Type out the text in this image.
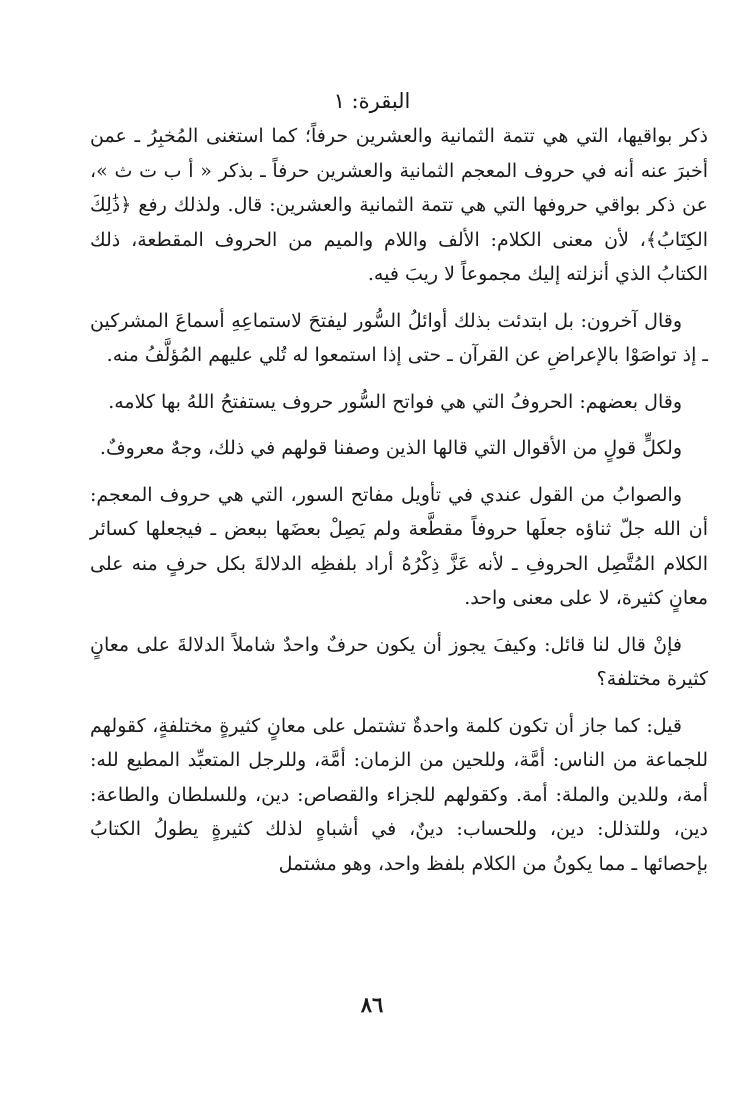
البقرة: ١

ذكر بواقيها، التي هي تتمة الثمانية والعشرين حرفاً؛ كما استغنى المُخبِرُ ـ عمن أخبرَ عنه أنه في حروف المعجم الثمانية والعشرين حرفاً ـ بذكر « أ ب ت ث »، عن ذكر بواقي حروفها التي هي تتمة الثمانية والعشرين: قال. ولذلك رفع ﴿ذَٰلِكَ الكِتَابُ﴾، لأن معنى الكلام: الألف واللام والميم من الحروف المقطعة، ذلك الكتابُ الذي أنزلته إليك مجموعاً لا ريبَ فيه.

وقال آخرون: بل ابتدئت بذلك أوائلُ السُّور ليفتحَ لاستماعِهِ أسماعَ المشركين ـ إذ تواصَوْا بالإعراضِ عن القرآن ـ حتى إذا استمعوا له تُلي عليهم المُؤلَّفُ منه.

وقال بعضهم: الحروفُ التي هي فواتح السُّور حروف يستفتحُ اللهُ بها كلامه.

ولكلٍّ قولٍ من الأقوال التي قالها الذين وصفنا قولهم في ذلك، وجهٌ معروفٌ.

والصوابُ من القول عندي في تأويل مفاتح السور، التي هي حروف المعجم: أن الله جلّ ثناؤه جعلَها حروفاً مقطَّعة ولم يَصِلْ بعضَها ببعض ـ فيجعلها كسائر الكلام المُتَّصِل الحروفِ ـ لأنه عَزَّ ذِكْرُهُ أراد بلفظِه الدلالةَ بكل حرفٍ منه على معانٍ كثيرة، لا على معنى واحد.

فإنْ قال لنا قائل: وكيفَ يجوز أن يكون حرفٌ واحدٌ شاملاً الدلالةَ على معانٍ كثيرة مختلفة؟

قيل: كما جاز أن تكون كلمة واحدةٌ تشتمل على معانٍ كثيرةٍ مختلفةٍ، كقولهم للجماعة من الناس: أمَّة، وللحين من الزمان: أمَّة، وللرجل المتعبِّد المطيع لله: أمة، وللدين والملة: أمة. وكقولهم للجزاء والقصاص: دين، وللسلطان والطاعة: دين، وللتذلل: دين، وللحساب: دينٌ، في أشباهٍ لذلك كثيرةٍ يطولُ الكتابُ بإحصائها ـ مما يكونُ من الكلام بلفظ واحد، وهو مشتمل

٨٦
